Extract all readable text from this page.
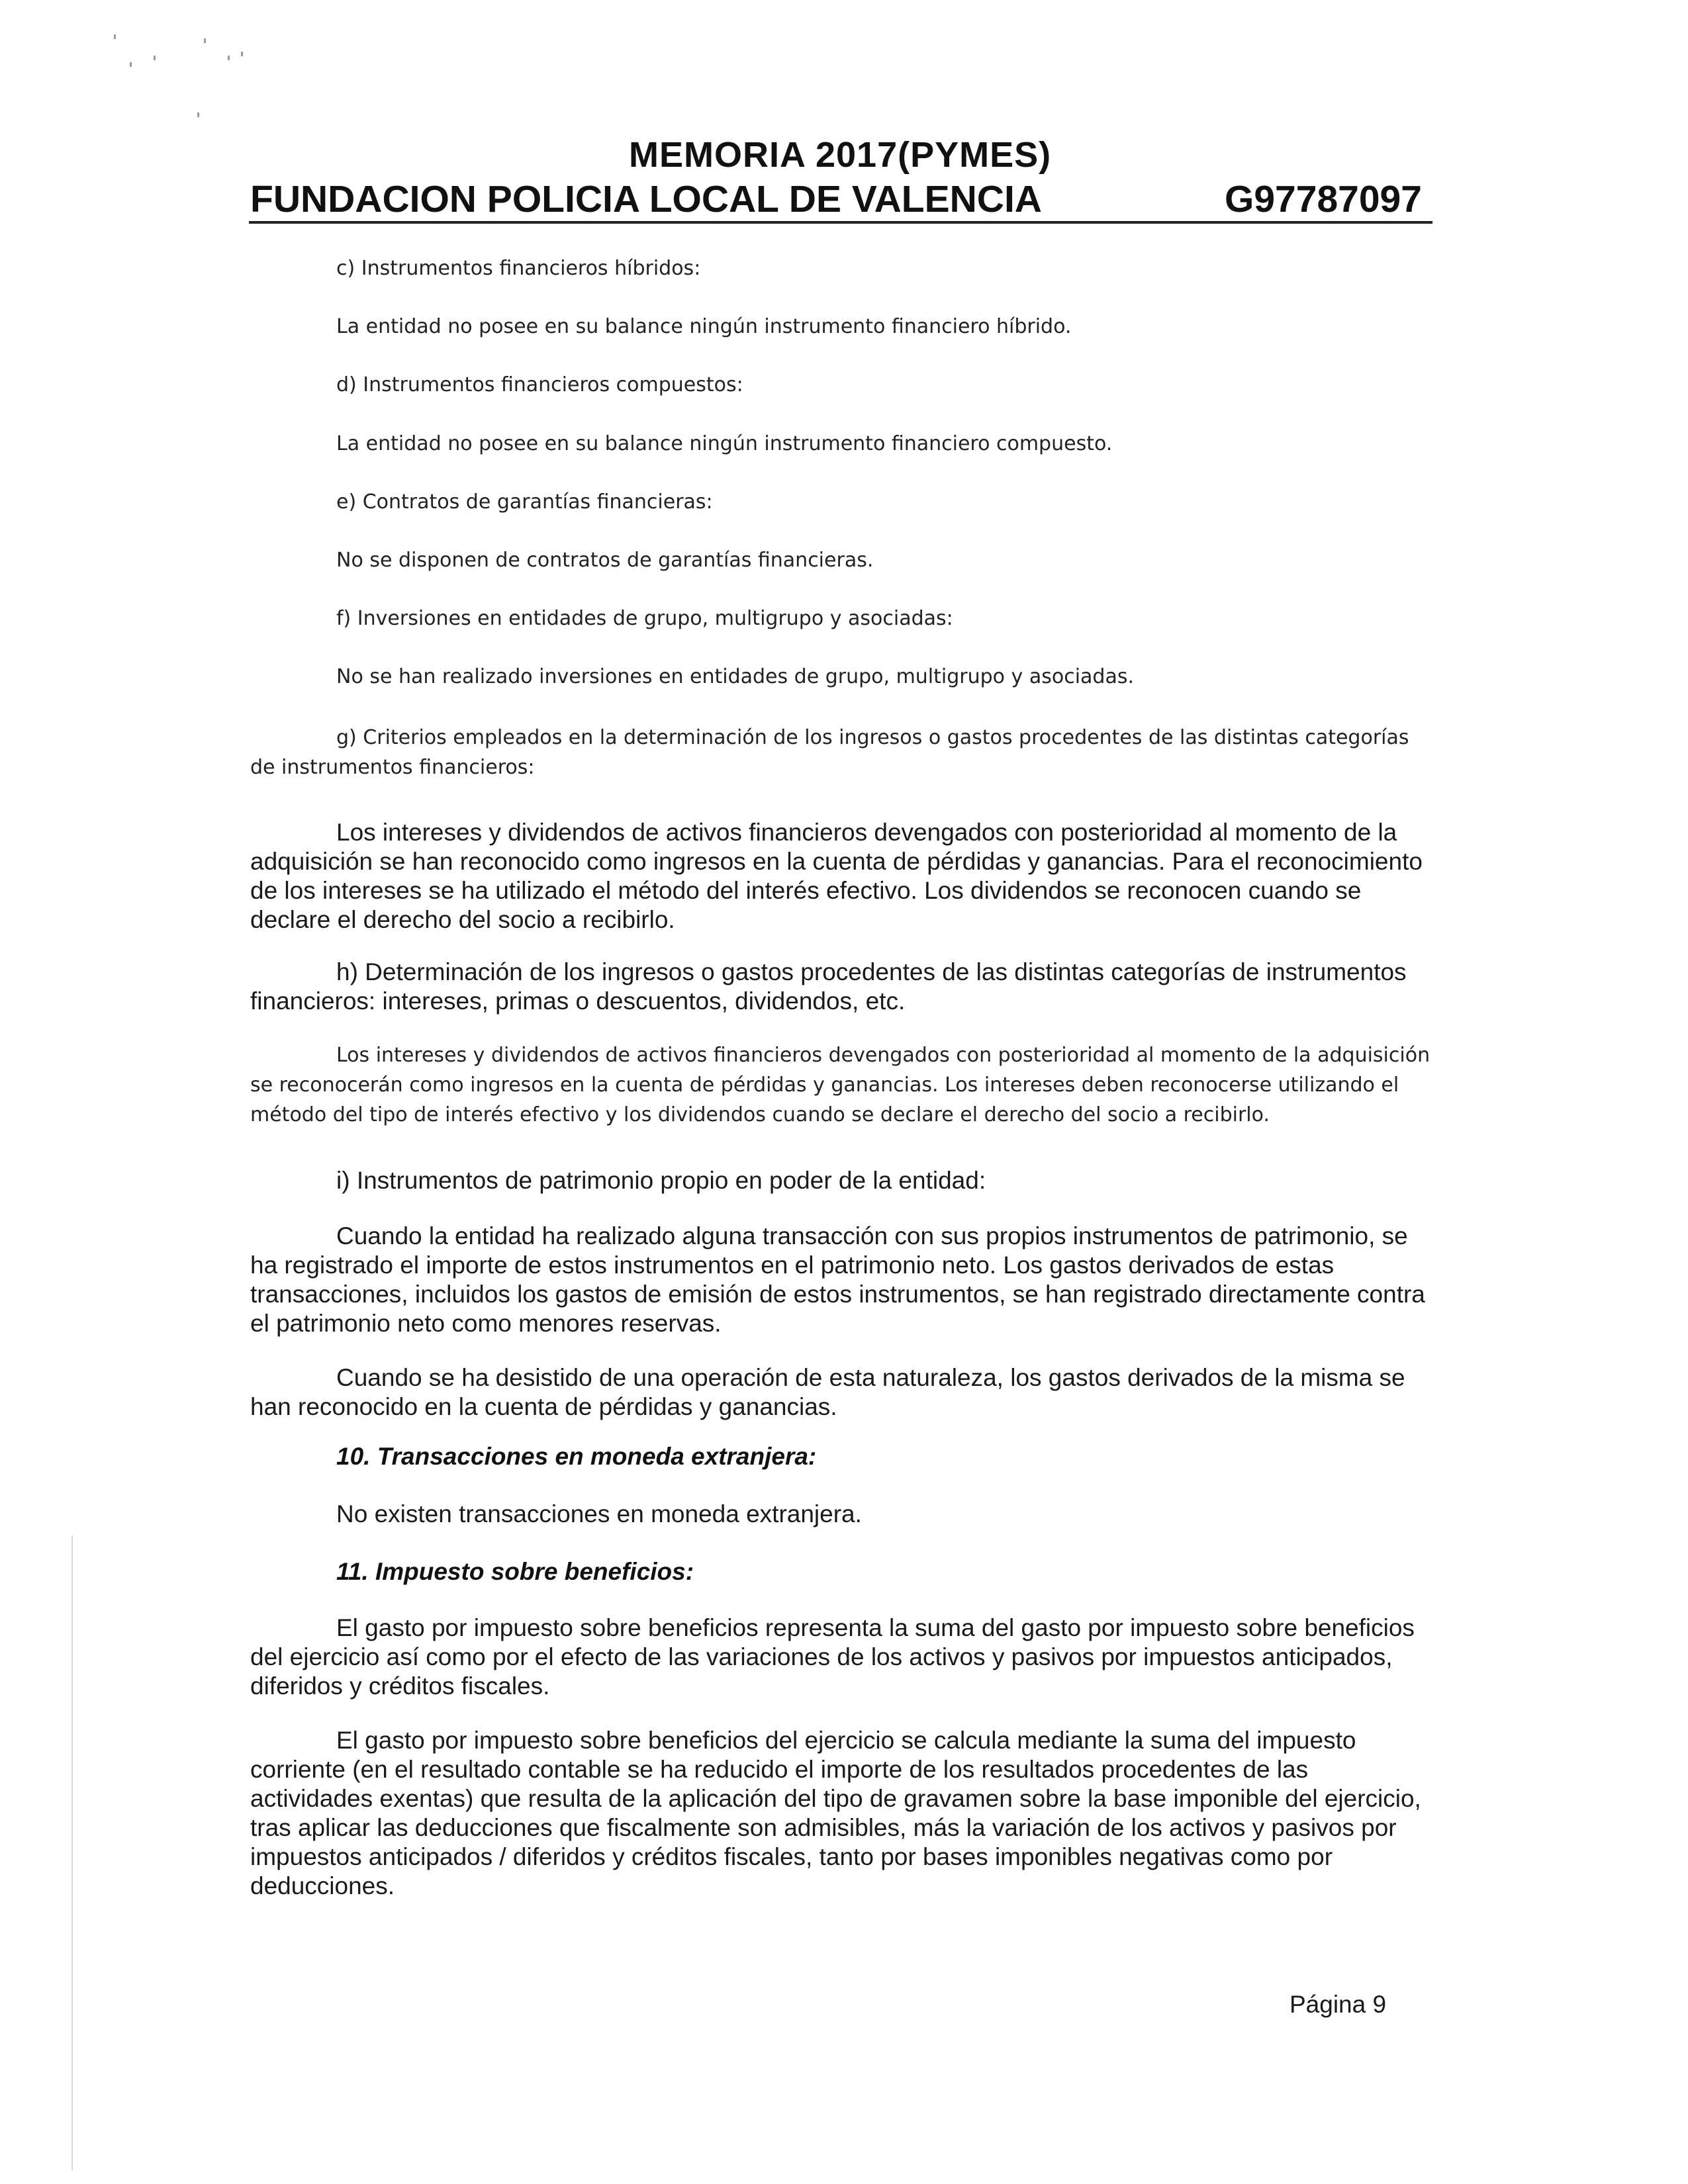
MEMORIA 2017(PYMES)
FUNDACION POLICIA LOCAL DE VALENCIA	G97787097
c) Instrumentos financieros híbridos:
La entidad no posee en su balance ningún instrumento financiero híbrido.
d) Instrumentos financieros compuestos:
La entidad no posee en su balance ningún instrumento financiero compuesto.
e) Contratos de garantías financieras:
No se disponen de contratos de garantías financieras.
f) Inversiones en entidades de grupo, multigrupo y asociadas:
No se han realizado inversiones en entidades de grupo, multigrupo y asociadas.
g) Criterios empleados en la determinación de los ingresos o gastos procedentes de las distintas categorías
de instrumentos financieros:
Los intereses y dividendos de activos financieros devengados con posterioridad al momento de la
adquisición se han reconocido como ingresos en la cuenta de pérdidas y ganancias. Para el reconocimiento
de los intereses se ha utilizado el método del interés efectivo. Los dividendos se reconocen cuando se
declare el derecho del socio a recibirlo.
h) Determinación de los ingresos o gastos procedentes de las distintas categorías de instrumentos
financieros: intereses, primas o descuentos, dividendos, etc.
Los intereses y dividendos de activos financieros devengados con posterioridad al momento de la adquisición
se reconocerán como ingresos en la cuenta de pérdidas y ganancias. Los intereses deben reconocerse utilizando el
método del tipo de interés efectivo y los dividendos cuando se declare el derecho del socio a recibirlo.
i) Instrumentos de patrimonio propio en poder de la entidad:
Cuando la entidad ha realizado alguna transacción con sus propios instrumentos de patrimonio, se
ha registrado el importe de estos instrumentos en el patrimonio neto. Los gastos derivados de estas
transacciones, incluidos los gastos de emisión de estos instrumentos, se han registrado directamente contra
el patrimonio neto como menores reservas.
Cuando se ha desistido de una operación de esta naturaleza, los gastos derivados de la misma se
han reconocido en la cuenta de pérdidas y ganancias.
10. Transacciones en moneda extranjera:
No existen transacciones en moneda extranjera.
11. Impuesto sobre beneficios:
El gasto por impuesto sobre beneficios representa la suma del gasto por impuesto sobre beneficios
del ejercicio así como por el efecto de las variaciones de los activos y pasivos por impuestos anticipados,
diferidos y créditos fiscales.
El gasto por impuesto sobre beneficios del ejercicio se calcula mediante la suma del impuesto
corriente (en el resultado contable se ha reducido el importe de los resultados procedentes de las
actividades exentas) que resulta de la aplicación del tipo de gravamen sobre la base imponible del ejercicio,
tras aplicar las deducciones que fiscalmente son admisibles, más la variación de los activos y pasivos por
impuestos anticipados / diferidos y créditos fiscales, tanto por bases imponibles negativas como por
deducciones.
Página 9
